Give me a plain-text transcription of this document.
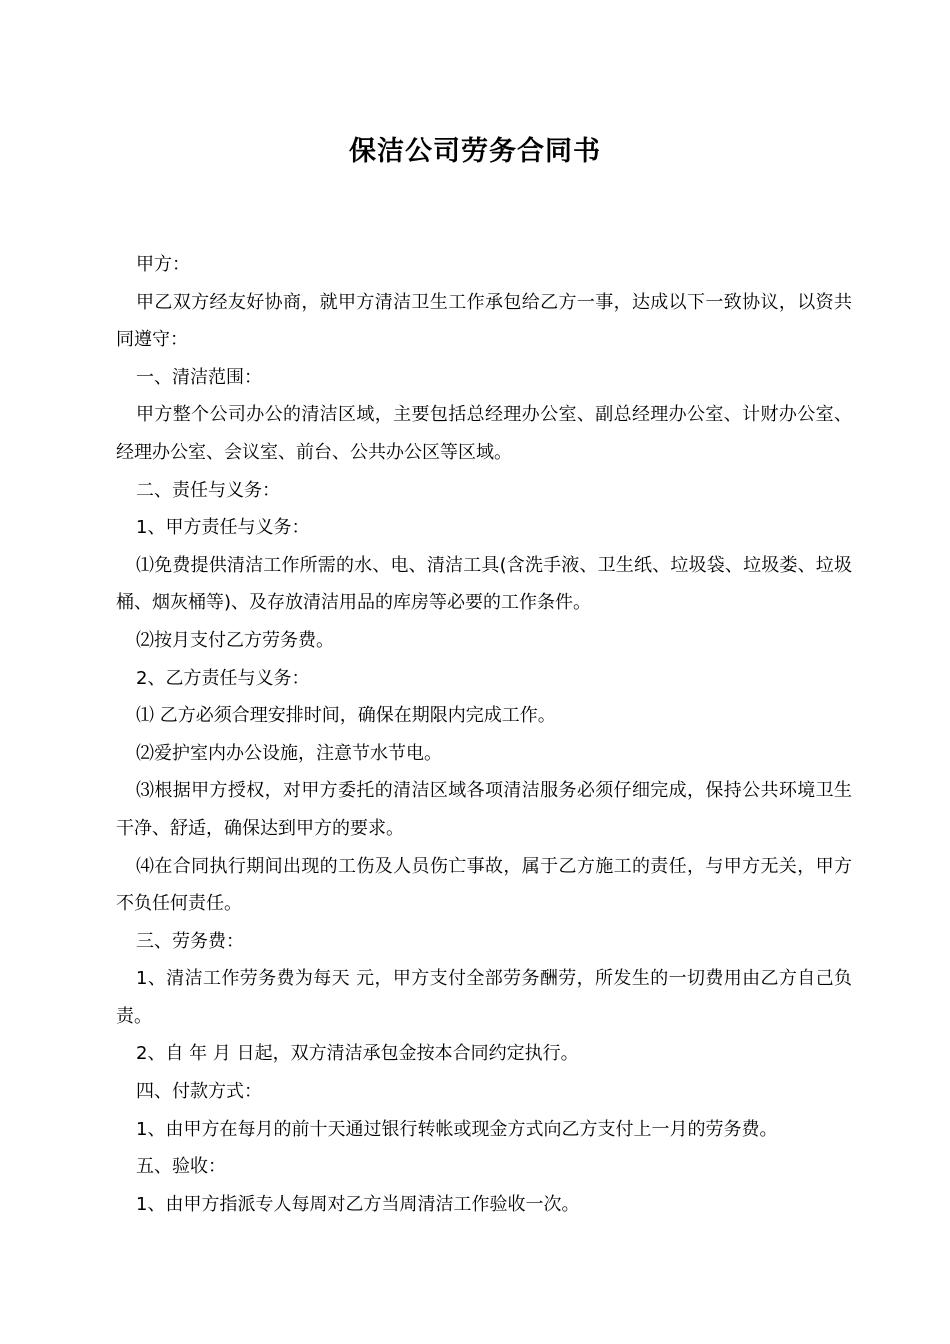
保洁公司劳务合同书

甲方：

甲乙双方经友好协商，就甲方清洁卫生工作承包给乙方一事，达成以下一致协议，以资共同遵守：

一、清洁范围：

甲方整个公司办公的清洁区域，主要包括总经理办公室、副总经理办公室、计财办公室、经理办公室、会议室、前台、公共办公区等区域。

二、责任与义务：

1、甲方责任与义务：

⑴免费提供清洁工作所需的水、电、清洁工具(含洗手液、卫生纸、垃圾袋、垃圾娄、垃圾桶、烟灰桶等)、及存放清洁用品的库房等必要的工作条件。

⑵按月支付乙方劳务费。

2、乙方责任与义务：

⑴ 乙方必须合理安排时间，确保在期限内完成工作。

⑵爱护室内办公设施，注意节水节电。

⑶根据甲方授权，对甲方委托的清洁区域各项清洁服务必须仔细完成，保持公共环境卫生干净、舒适，确保达到甲方的要求。

⑷在合同执行期间出现的工伤及人员伤亡事故，属于乙方施工的责任，与甲方无关，甲方不负任何责任。

三、劳务费：

1、清洁工作劳务费为每天 元，甲方支付全部劳务酬劳，所发生的一切费用由乙方自己负责。

2、自 年 月 日起，双方清洁承包金按本合同约定执行。

四、付款方式：

1、由甲方在每月的前十天通过银行转帐或现金方式向乙方支付上一月的劳务费。

五、验收：

1、由甲方指派专人每周对乙方当周清洁工作验收一次。
